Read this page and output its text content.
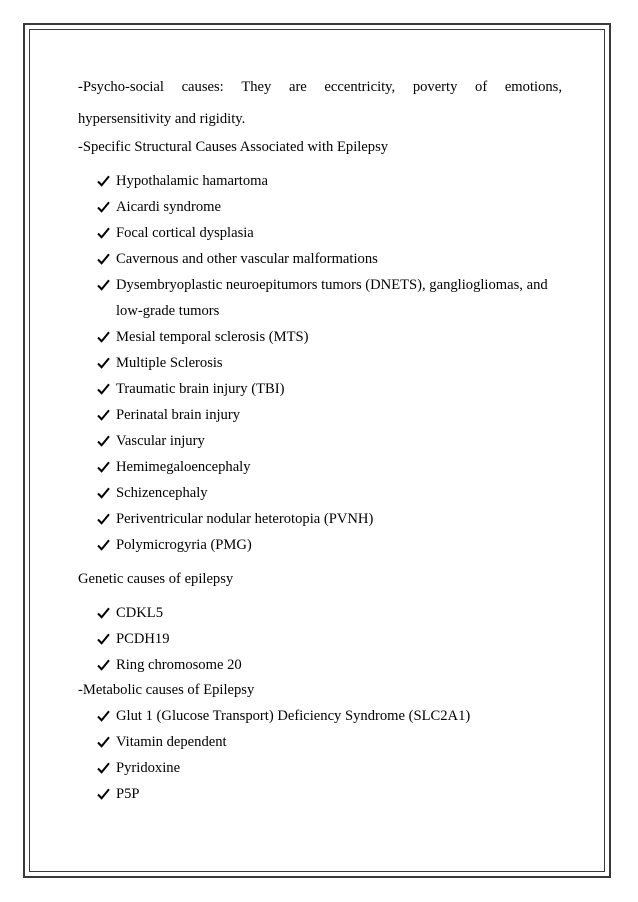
-Psycho-social causes: They are eccentricity, poverty of emotions,
hypersensitivity and rigidity.

-Specific Structural Causes Associated with Epilepsy

Hypothalamic hamartoma
Aicardi syndrome
Focal cortical dysplasia
Cavernous and other vascular malformations
Dysembryoplastic neuroepitumors tumors (DNETS), gangliogliomas, and low-grade tumors
Mesial temporal sclerosis (MTS)
Multiple Sclerosis
Traumatic brain injury (TBI)
Perinatal brain injury
Vascular injury
Hemimegaloencephaly
Schizencephaly
Periventricular nodular heterotopia (PVNH)
Polymicrogyria (PMG)

Genetic causes of epilepsy

CDKL5
PCDH19
Ring chromosome 20

-Metabolic causes of Epilepsy

Glut 1 (Glucose Transport) Deficiency Syndrome (SLC2A1)
Vitamin dependent
Pyridoxine
P5P
